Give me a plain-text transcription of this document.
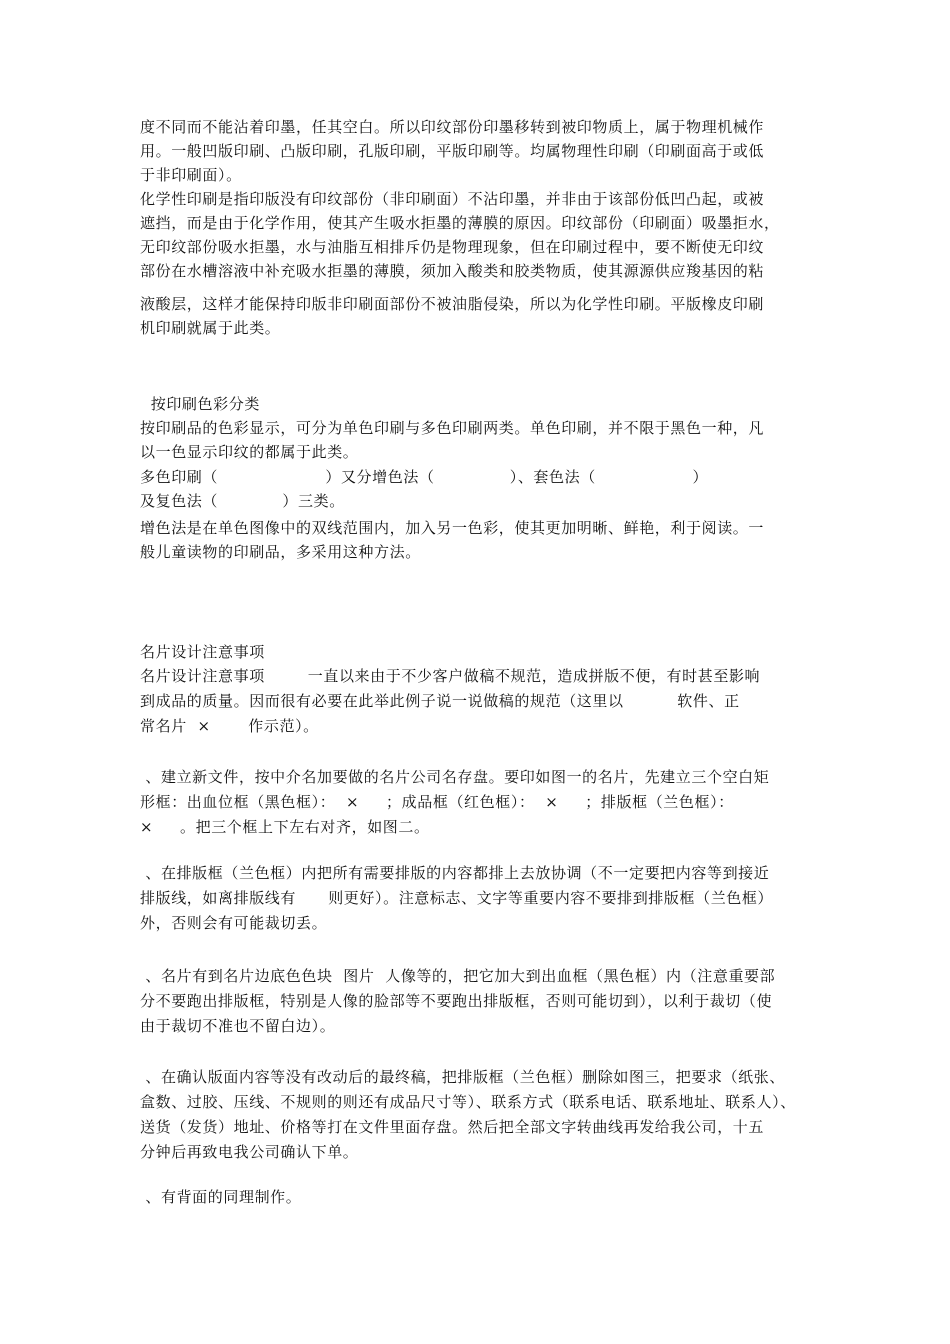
度不同而不能沾着印墨，任其空白。所以印纹部份印墨移转到被印物质上，属于物理机械作
用。一般凹版印刷、凸版印刷，孔版印刷，平版印刷等。均属物理性印刷（印刷面高于或低
于非印刷面）。
化学性印刷是指印版没有印纹部份（非印刷面）不沾印墨，并非由于该部份低凹凸起，或被
遮挡，而是由于化学作用，使其产生吸水拒墨的薄膜的原因。印纹部份（印刷面）吸墨拒水，
无印纹部份吸水拒墨，水与油脂互相排斥仍是物理现象，但在印刷过程中，要不断使无印纹
部份在水槽溶液中补充吸水拒墨的薄膜，须加入酸类和胶类物质，使其源源供应羧基因的粘
液酸层，这样才能保持印版非印刷面部份不被油脂侵染，所以为化学性印刷。平版橡皮印刷
机印刷就属于此类。
按印刷色彩分类
按印刷品的色彩显示，可分为单色印刷与多色印刷两类。单色印刷，并不限于黑色一种，凡
以一色显示印纹的都属于此类。
多色印刷（                    ）又分增色法（              ）、套色法（                  ）
及复色法（            ）三类。
增色法是在单色图像中的双线范围内，加入另一色彩，使其更加明晰、鲜艳，利于阅读。一
般儿童读物的印刷品，多采用这种方法。
名片设计注意事项
名片设计注意事项        一直以来由于不少客户做稿不规范，造成拼版不便，有时甚至影响
到成品的质量。因而很有必要在此举此例子说一说做稿的规范（这里以          软件、正
常名片  ×       作示范）。
、建立新文件，按中介名加要做的名片公司名存盘。要印如图一的名片，先建立三个空白矩
形框：出血位框（黑色框）：  ×     ；成品框（红色框）：  ×     ；排版框（兰色框）：
×     。把三个框上下左右对齐，如图二。
、在排版框（兰色框）内把所有需要排版的内容都排上去放协调（不一定要把内容等到接近
排版线，如离排版线有      则更好）。注意标志、文字等重要内容不要排到排版框（兰色框）
外，否则会有可能裁切丢。
、名片有到名片边底色色块  图片  人像等的，把它加大到出血框（黑色框）内（注意重要部
分不要跑出排版框，特别是人像的脸部等不要跑出排版框，否则可能切到），以利于裁切（使
由于裁切不准也不留白边）。
、在确认版面内容等没有改动后的最终稿，把排版框（兰色框）删除如图三，把要求（纸张、
盒数、过胶、压线、不规则的则还有成品尺寸等）、联系方式（联系电话、联系地址、联系人）、
送货（发货）地址、价格等打在文件里面存盘。然后把全部文字转曲线再发给我公司，十五
分钟后再致电我公司确认下单。
、有背面的同理制作。
